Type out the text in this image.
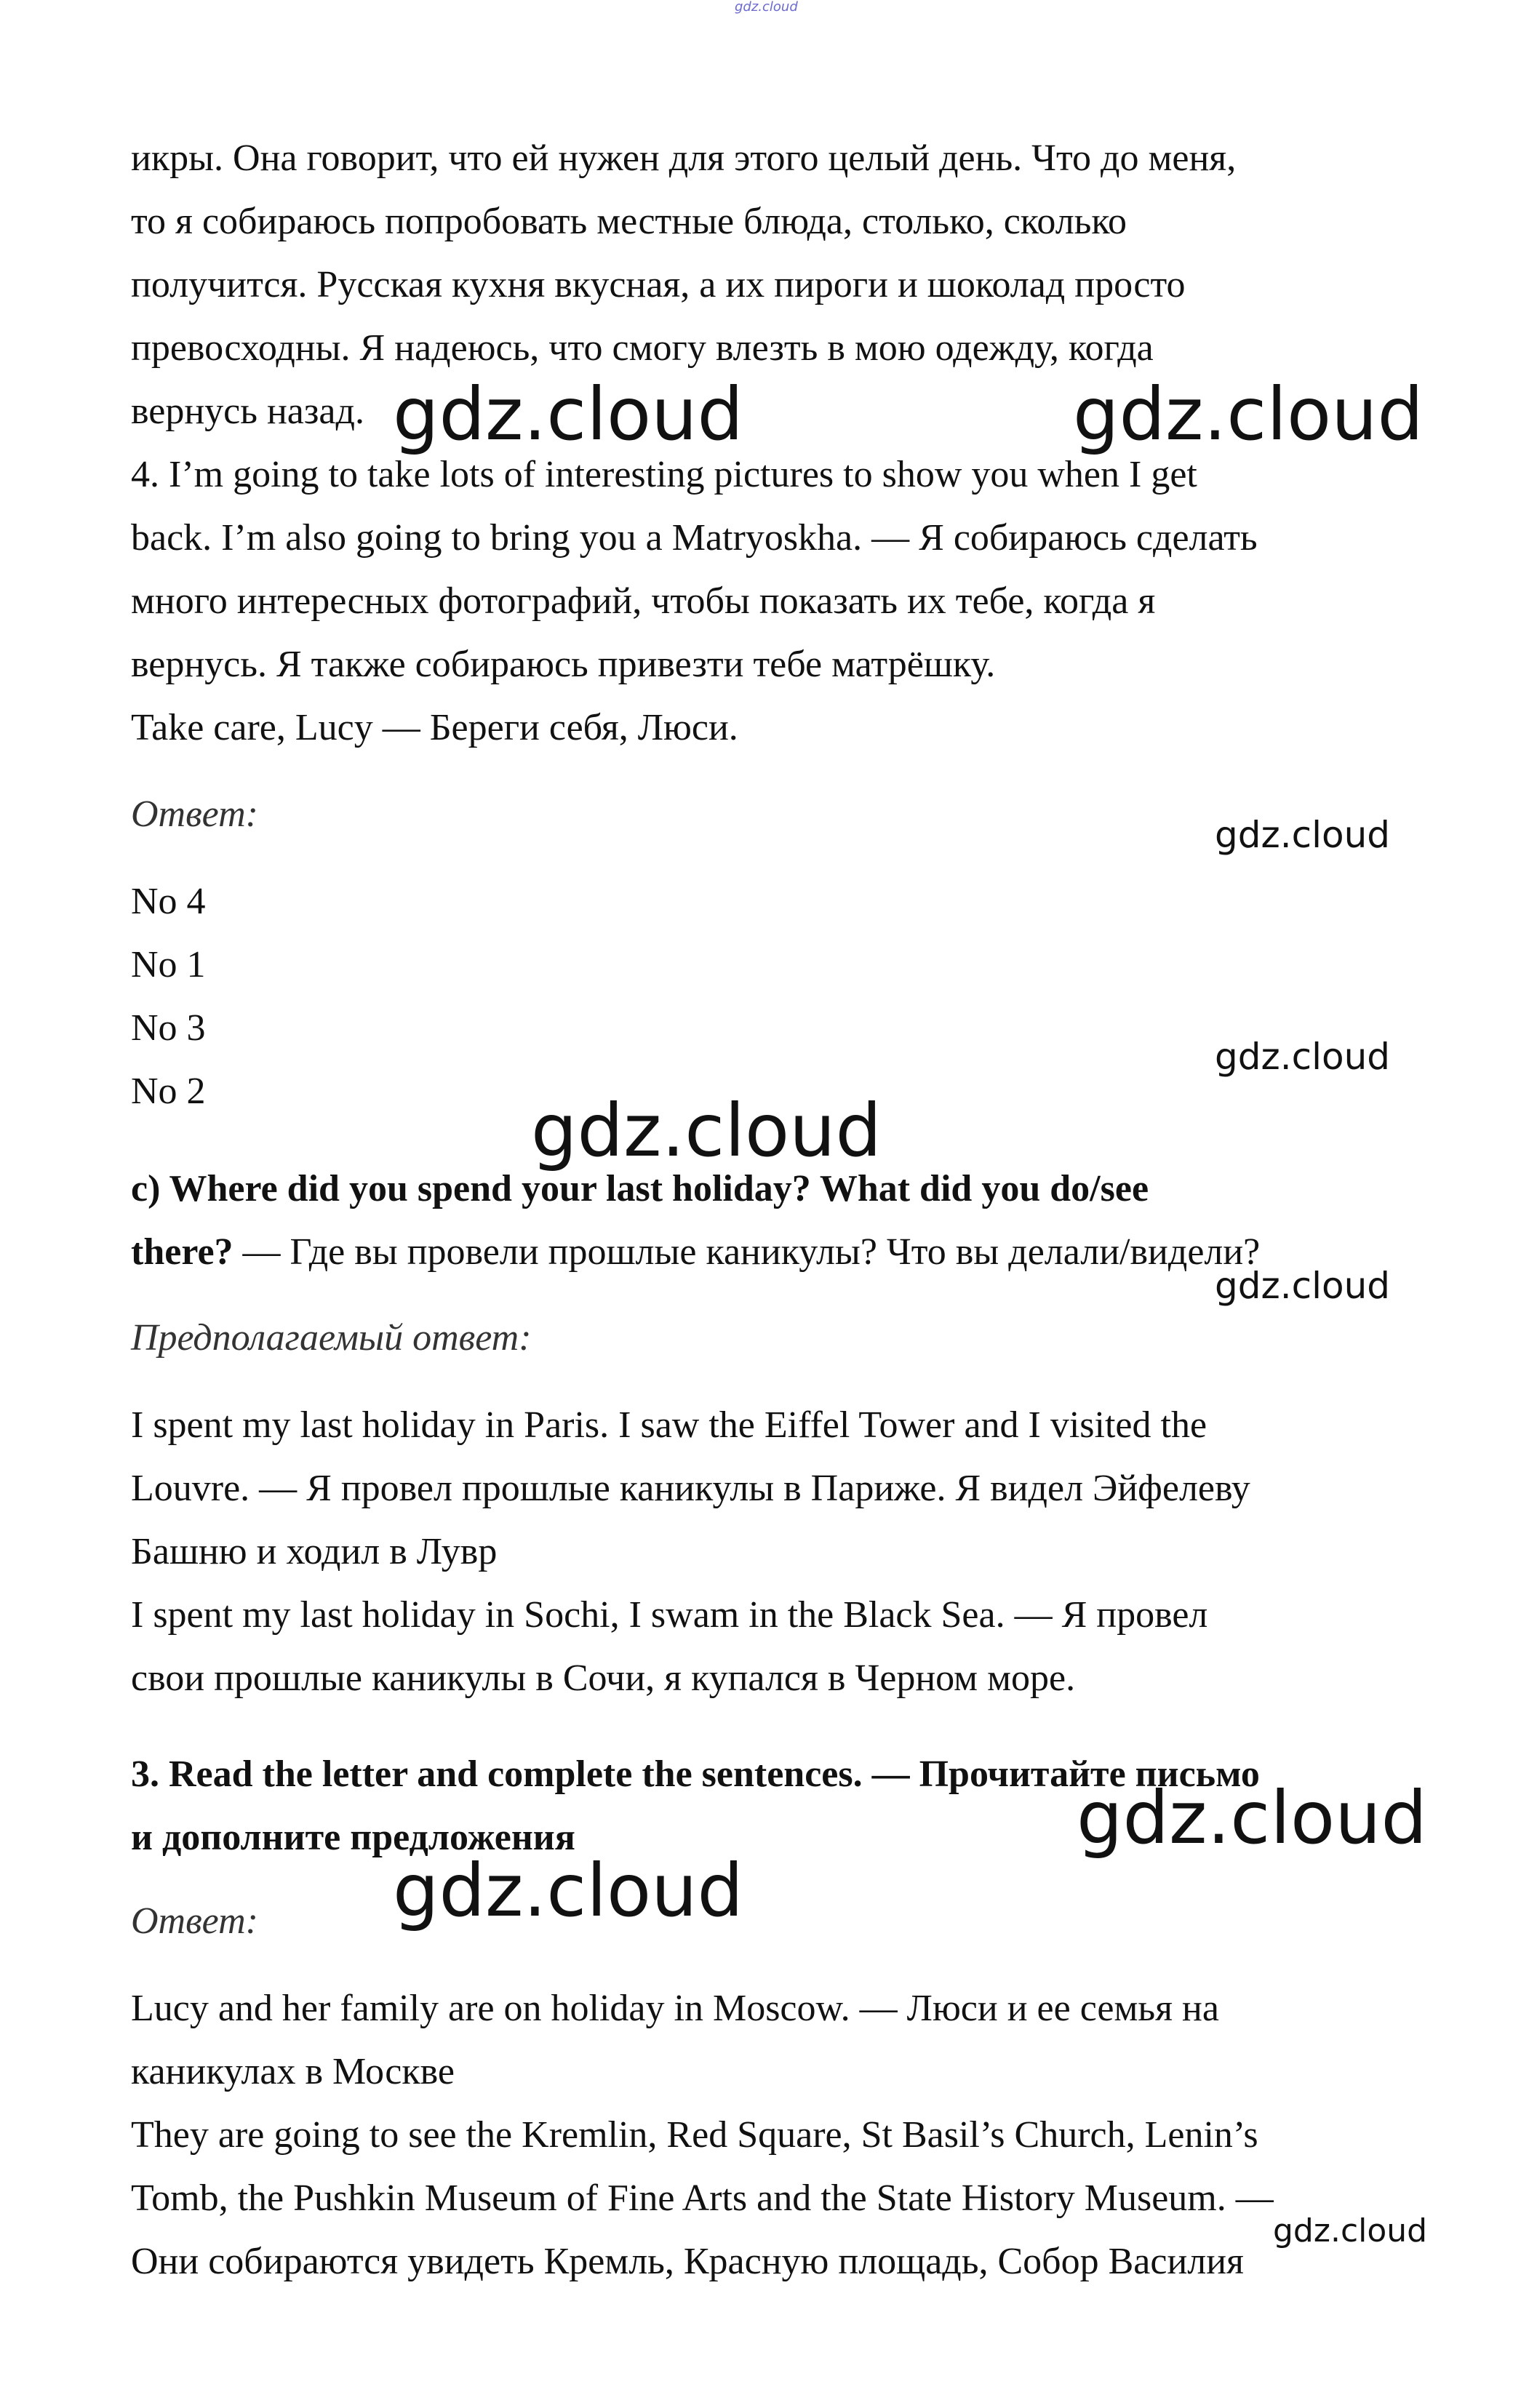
gdz.cloud
икры. Она говорит, что ей нужен для этого целый день. Что до меня,
то я собираюсь попробовать местные блюда, столько, сколько
получится. Русская кухня вкусная, а их пироги и шоколад просто
превосходны. Я надеюсь, что смогу влезть в мою одежду, когда
вернусь назад.
4. I’m going to take lots of interesting pictures to show you when I get
back. I’m also going to bring you a Matryoskha. — Я собираюсь сделать
много интересных фотографий, чтобы показать их тебе, когда я
вернусь. Я также собираюсь привезти тебе матрёшку.
Take care, Lucy — Береги себя, Люси.
Ответ:
No 4
No 1
No 3
No 2
c) Where did you spend your last holiday? What did you do/see
there? — Где вы провели прошлые каникулы? Что вы делали/видели?
Предполагаемый ответ:
I spent my last holiday in Paris. I saw the Eiffel Tower and I visited the
Louvre. — Я провел прошлые каникулы в Париже. Я видел Эйфелеву
Башню и ходил в Лувр
I spent my last holiday in Sochi, I swam in the Black Sea. — Я провел
свои прошлые каникулы в Сочи, я купался в Черном море.
3. Read the letter and complete the sentences. — Прочитайте письмо
и дополните предложения
Ответ:
Lucy and her family are on holiday in Moscow. — Люси и ее семья на
каникулах в Москве
They are going to see the Kremlin, Red Square, St Basil’s Church, Lenin’s
Tomb, the Pushkin Museum of Fine Arts and the State History Museum. —
Они собираются увидеть Кремль, Красную площадь, Собор Василия
gdz.cloud	gdz.cloud
gdz.cloud
gdz.cloud
gdz.cloud
gdz.cloud
gdz.cloud
gdz.cloud
gdz.cloud
